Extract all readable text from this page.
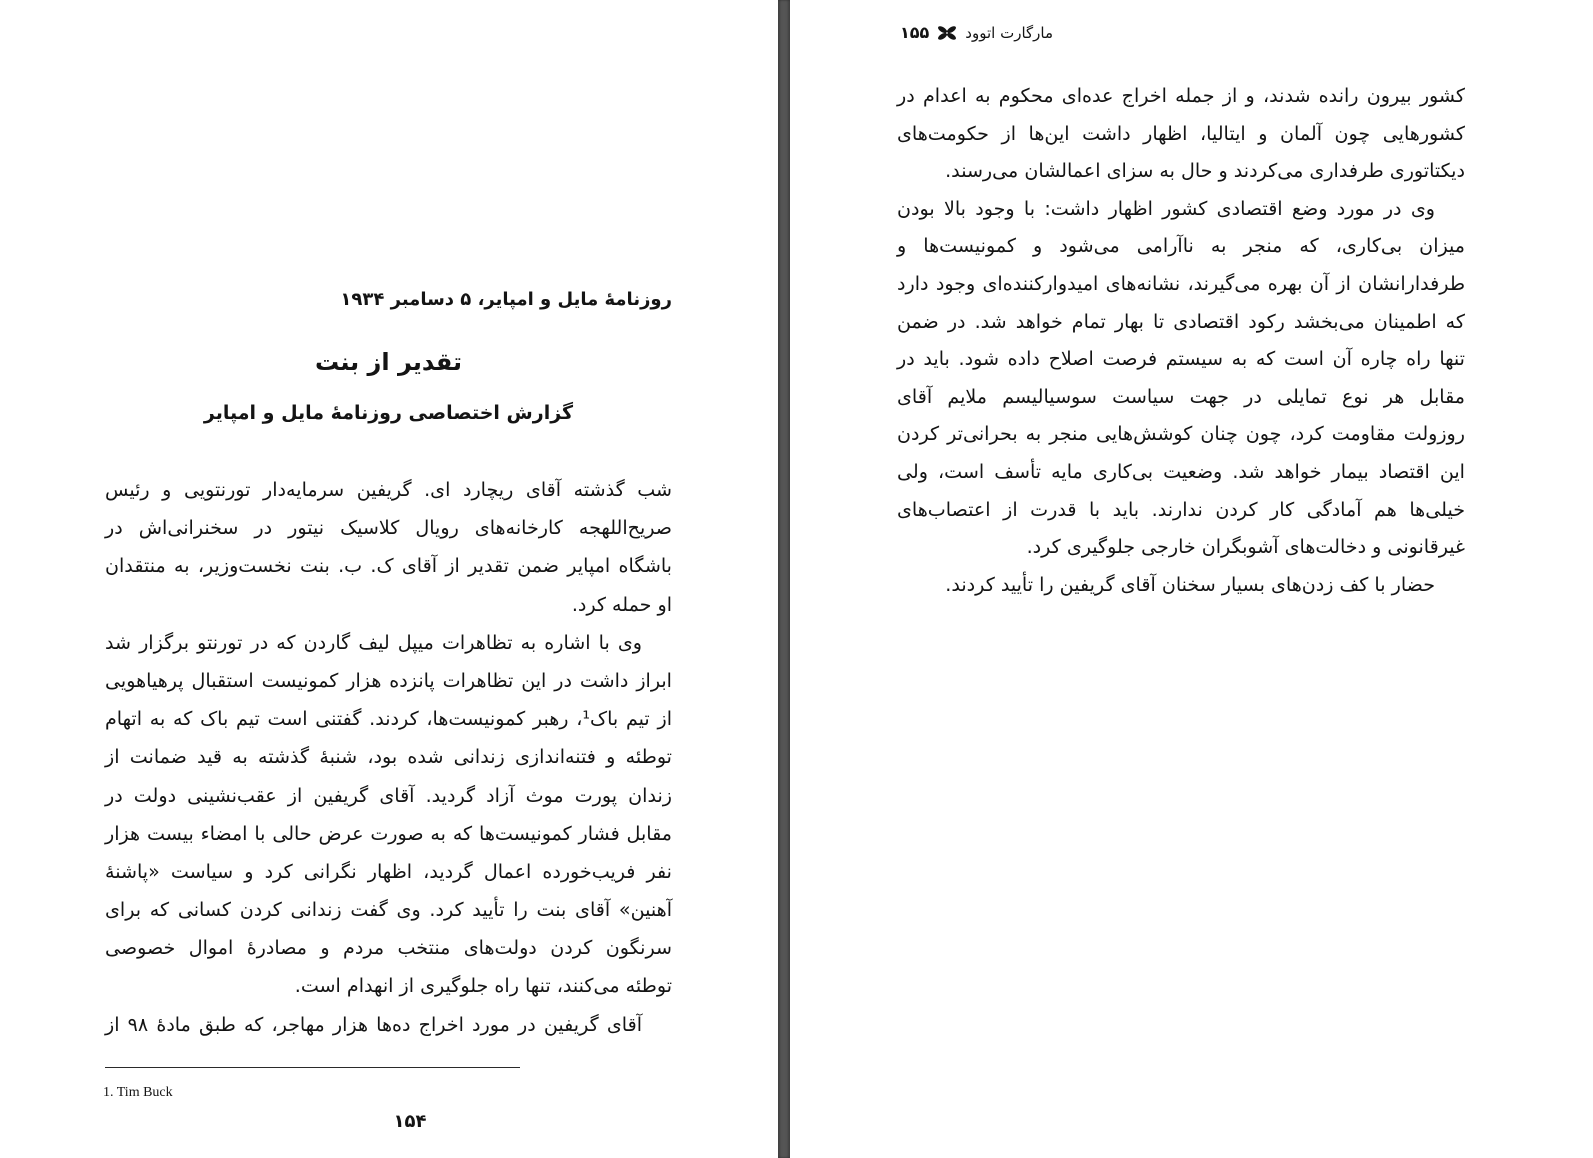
روزنامهٔ مایل و امپایر، ۵ دسامبر ۱۹۳۴
تقدیر از بنت
گزارش اختصاصی روزنامهٔ مایل و امپایر
شب گذشته آقای ریچارد ای. گریفین سرمایه‌دار تورنتویی و رئیس
صریح‌اللهجه کارخانه‌های رویال کلاسیک نیتور در سخنرانی‌اش در
باشگاه امپایر ضمن تقدیر از آقای ک. ب. بنت نخست‌وزیر، به منتقدان
او حمله کرد.
وی با اشاره به تظاهرات میپل لیف گاردن که در تورنتو برگزار شد
ابراز داشت در این تظاهرات پانزده هزار کمونیست استقبال پرهیاهویی
از تیم باک¹، رهبر کمونیست‌ها، کردند. گفتنی است تیم باک که به اتهام
توطئه و فتنه‌اندازی زندانی شده بود، شنبهٔ گذشته به قید ضمانت از
زندان پورت موث آزاد گردید. آقای گریفین از عقب‌نشینی دولت در
مقابل فشار کمونیست‌ها که به صورت عرض حالی با امضاء بیست هزار
نفر فریب‌خورده اعمال گردید، اظهار نگرانی کرد و سیاست «پاشنهٔ
آهنین» آقای بنت را تأیید کرد. وی گفت زندانی کردن کسانی که برای
سرنگون کردن دولت‌های منتخب مردم و مصادرهٔ اموال خصوصی
توطئه می‌کنند، تنها راه جلوگیری از انهدام است.
آقای گریفین در مورد اخراج ده‌ها هزار مهاجر، که طبق مادهٔ ۹۸ از
1. Tim Buck
۱۵۴
مارگارت اتوود
۱۵۵
کشور بیرون رانده شدند، و از جمله اخراج عده‌ای محکوم به اعدام در
کشورهایی چون آلمان و ایتالیا، اظهار داشت این‌ها از حکومت‌های
دیکتاتوری طرفداری می‌کردند و حال به سزای اعمالشان می‌رسند.
وی در مورد وضع اقتصادی کشور اظهار داشت: با وجود بالا بودن
میزان بی‌کاری، که منجر به ناآرامی می‌شود و کمونیست‌ها و
طرفدارانشان از آن بهره می‌گیرند، نشانه‌های امیدوارکننده‌ای وجود دارد
که اطمینان می‌بخشد رکود اقتصادی تا بهار تمام خواهد شد. در ضمن
تنها راه چاره آن است که به سیستم فرصت اصلاح داده شود. باید در
مقابل هر نوع تمایلی در جهت سیاست سوسیالیسم ملایم آقای
روزولت مقاومت کرد، چون چنان کوشش‌هایی منجر به بحرانی‌تر کردن
این اقتصاد بیمار خواهد شد. وضعیت بی‌کاری مایه تأسف است، ولی
خیلی‌ها هم آمادگی کار کردن ندارند. باید با قدرت از اعتصاب‌های
غیرقانونی و دخالت‌های آشوبگران خارجی جلوگیری کرد.
حضار با کف زدن‌های بسیار سخنان آقای گریفین را تأیید کردند.
